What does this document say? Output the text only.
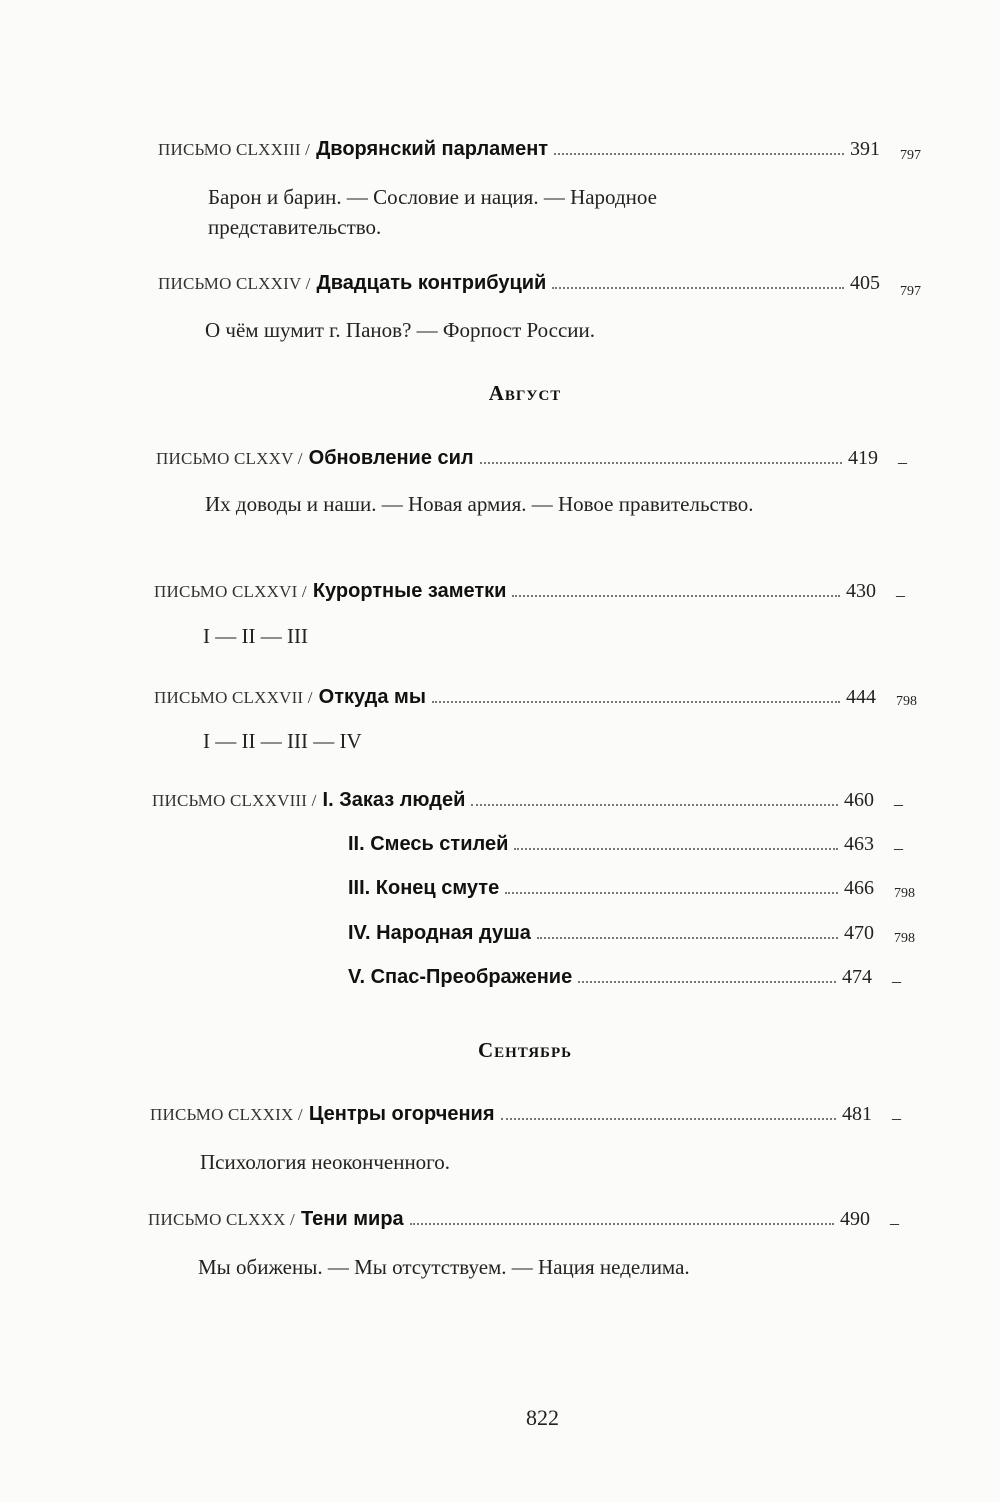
ПИСЬМО CLXXIII / Дворянский парламент	391 797
Барон и барин. — Сословие и нация. — Народное представительство.
ПИСЬМО CLXXIV / Двадцать контрибуций	405 797
О чём шумит г. Панов? — Форпост России.
Август
ПИСЬМО CLXXV / Обновление сил	419 –
Их доводы и наши. — Новая армия. — Новое правительство.
ПИСЬМО CLXXVI / Курортные заметки	430 –
I — II — III
ПИСЬМО CLXXVII / Откуда мы	444 798
I — II — III — IV
ПИСЬМО CLXXVIII / I. Заказ людей	460 –
II. Смесь стилей	463 –
III. Конец смуте	466 798
IV. Народная душа	470 798
V. Спас-Преображение	474 –
Сентябрь
ПИСЬМО CLXXIX / Центры огорчения	481 –
Психология неоконченного.
ПИСЬМО CLXXX / Тени мира	490 –
Мы обижены. — Мы отсутствуем. — Нация неделима.
822
